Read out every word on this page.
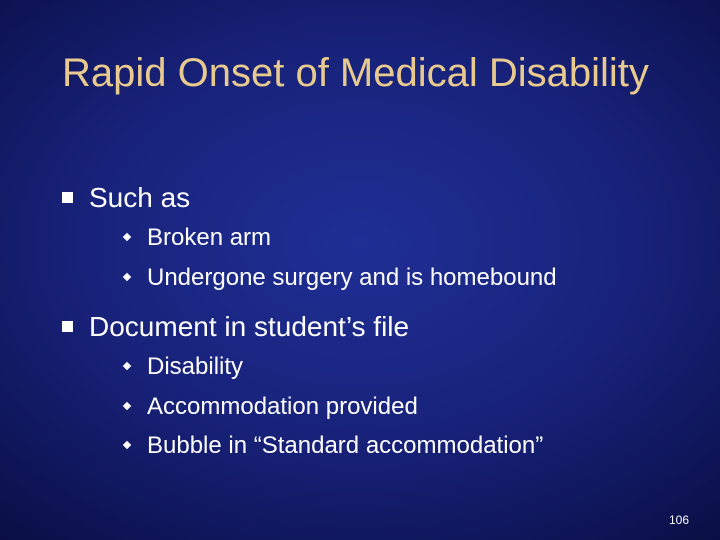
Rapid Onset of Medical Disability
Such as
Broken arm
Undergone surgery and is homebound
Document in student’s file
Disability
Accommodation provided
Bubble in “Standard accommodation”
106
